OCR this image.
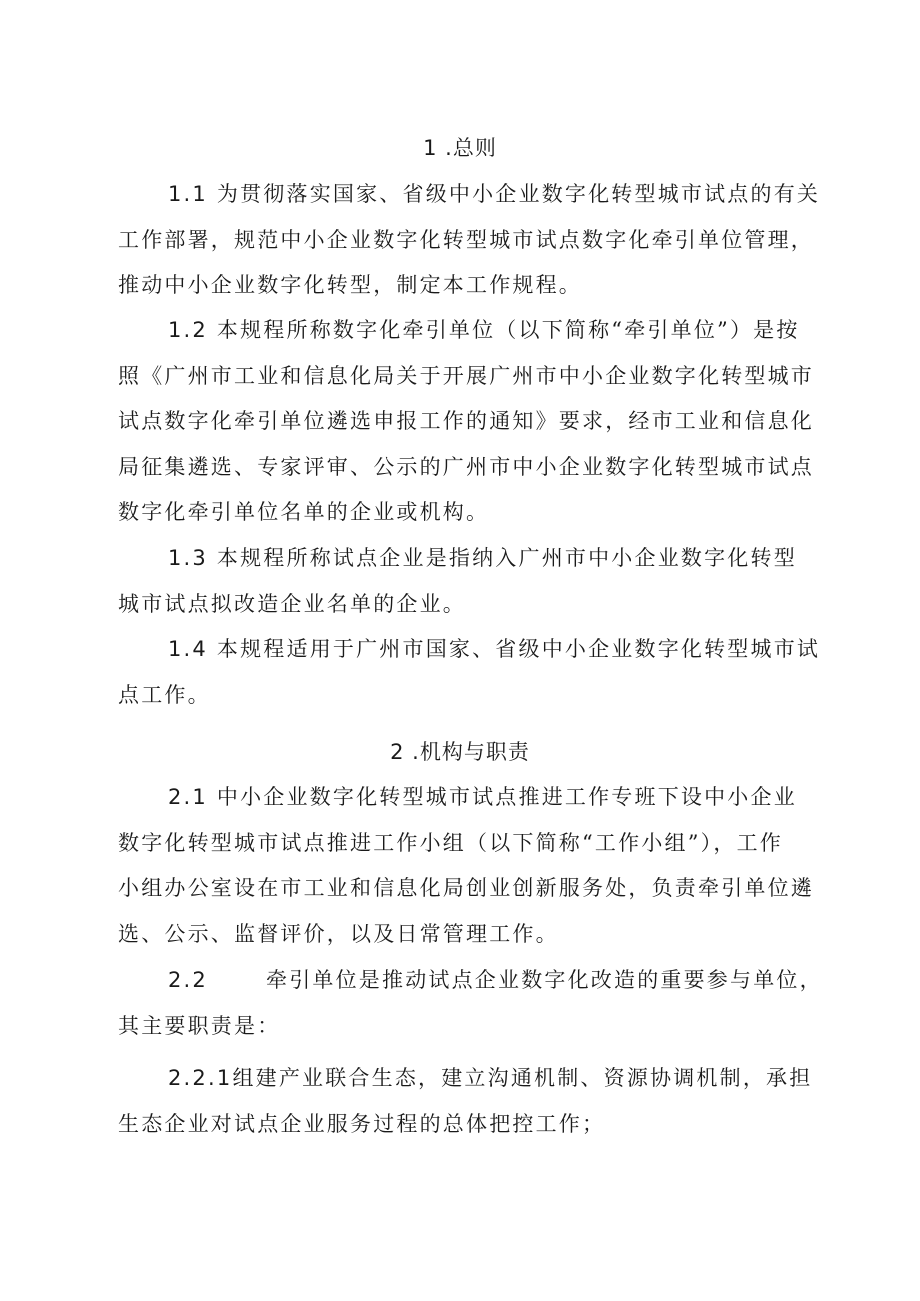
1 .总则
1.1 为贯彻落实国家、省级中小企业数字化转型城市试点的有关
工作部署，规范中小企业数字化转型城市试点数字化牵引单位管理，
推动中小企业数字化转型，制定本工作规程。
1.2 本规程所称数字化牵引单位（以下简称“牵引单位”）是按
照《广州市工业和信息化局关于开展广州市中小企业数字化转型城市
试点数字化牵引单位遴选申报工作的通知》要求，经市工业和信息化
局征集遴选、专家评审、公示的广州市中小企业数字化转型城市试点
数字化牵引单位名单的企业或机构。
1.3 本规程所称试点企业是指纳入广州市中小企业数字化转型
城市试点拟改造企业名单的企业。
1.4 本规程适用于广州市国家、省级中小企业数字化转型城市试
点工作。
2 .机构与职责
2.1 中小企业数字化转型城市试点推进工作专班下设中小企业
数字化转型城市试点推进工作小组（以下简称“工作小组”），工作
小组办公室设在市工业和信息化局创业创新服务处，负责牵引单位遴
选、公示、监督评价，以及日常管理工作。
2.2	牵引单位是推动试点企业数字化改造的重要参与单位，
其主要职责是：
2.2.1组建产业联合生态，建立沟通机制、资源协调机制，承担
生态企业对试点企业服务过程的总体把控工作；
